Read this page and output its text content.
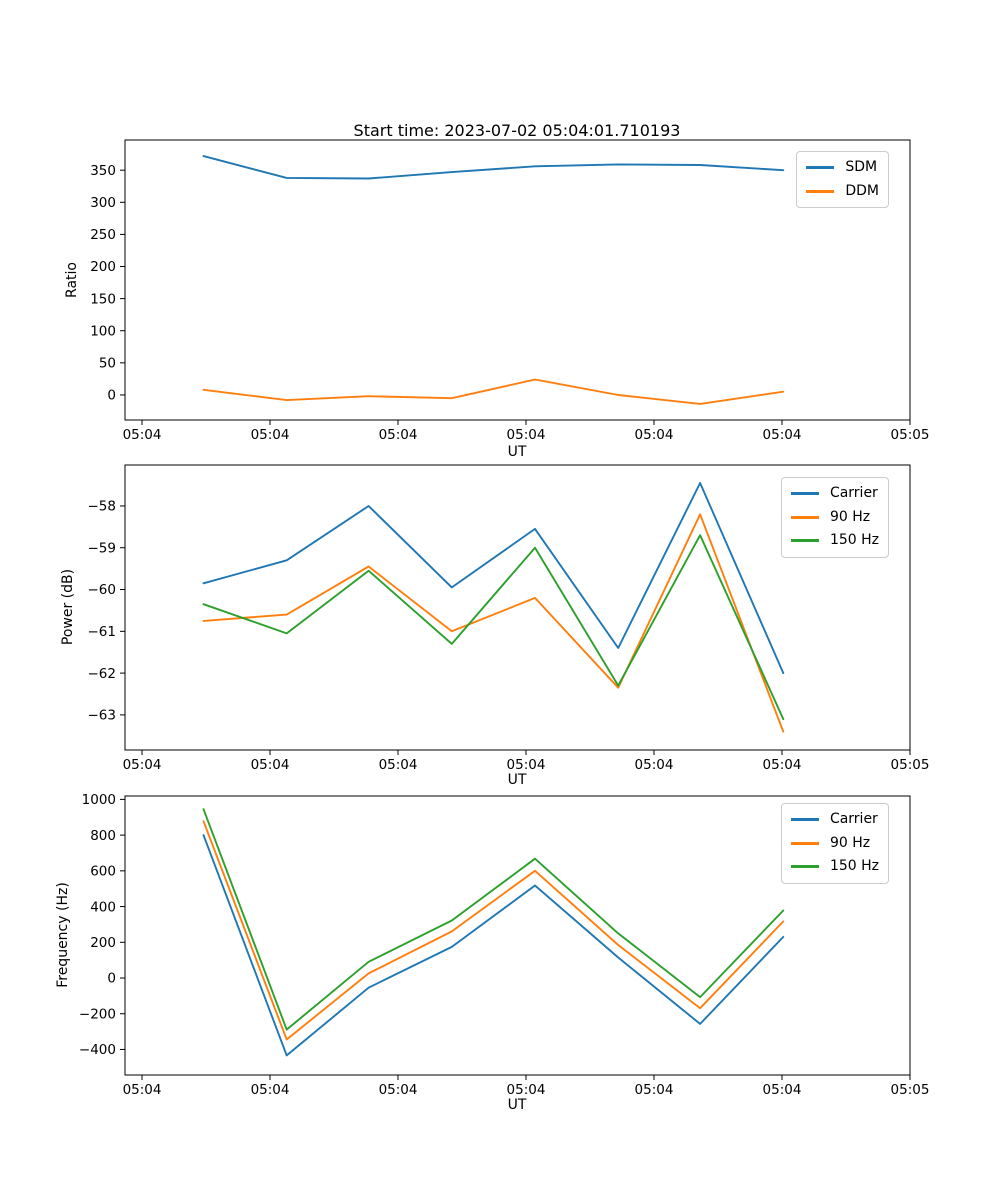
05:04	05:04	05:04	05:04	05:04	05:04	05:05
0
50
100
150
200
250
300
350
05:04	05:04	05:04	05:04	05:04	05:04	05:05
−58
−59
−60
−61
−62
−63
05:04	05:04	05:04	05:04	05:04	05:04	05:05
1000
800
600
400
200
0
−200
−400
Start time: 2023-07-02 05:04:01.710193
Ratio
Power (dB)
Frequency (Hz)
UT
UT
UT
SDM
DDM
Carrier
90 Hz
150 Hz
Carrier
90 Hz
150 Hz
